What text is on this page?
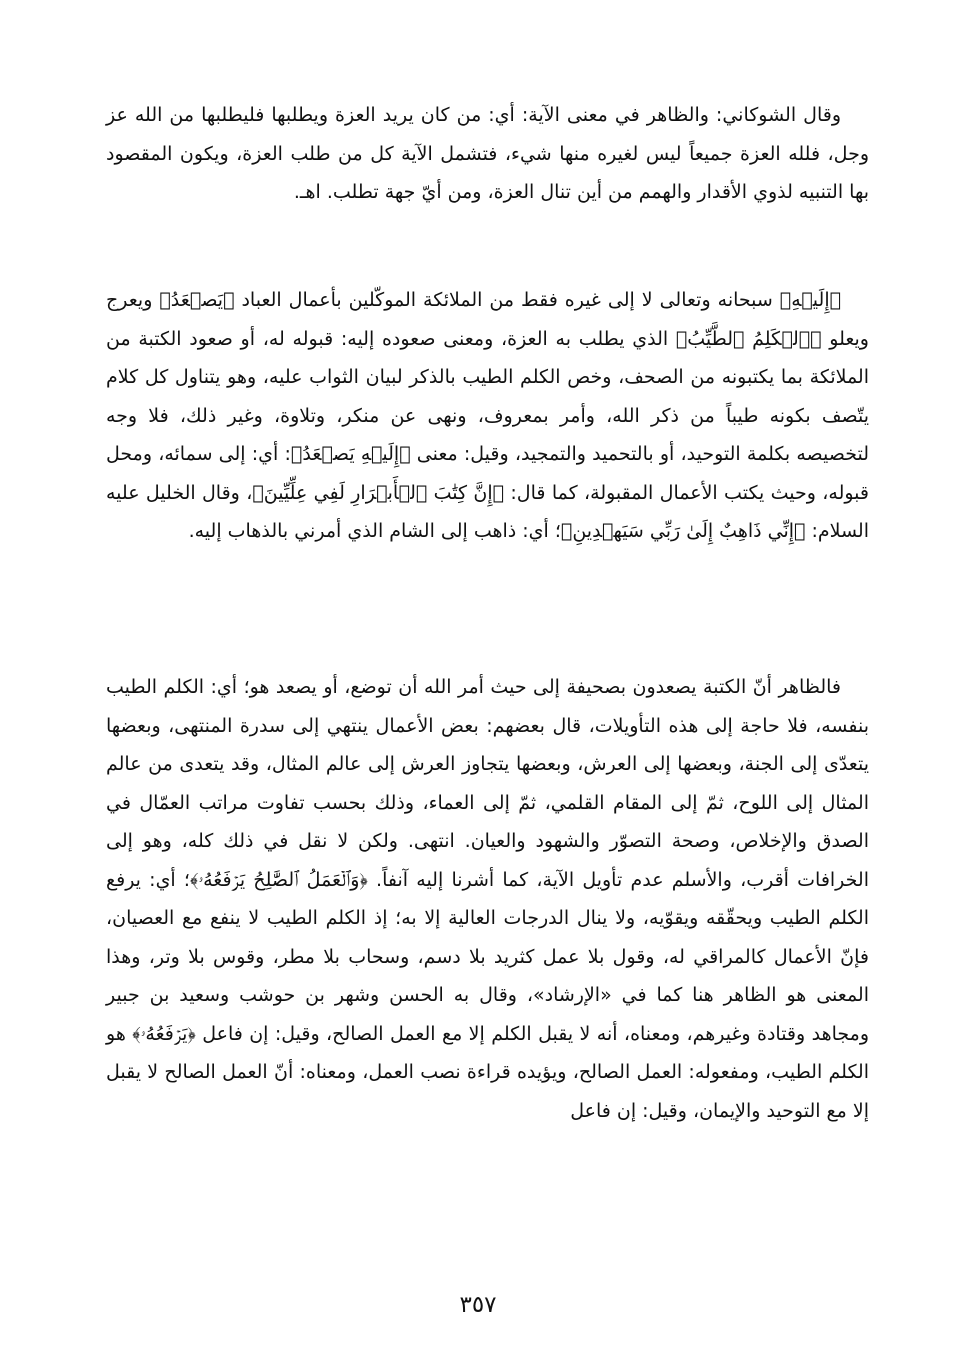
وقال الشوكاني: والظاهر في معنى الآية: أي: من كان يريد العزة ويطلبها فليطلبها من الله عز وجل، فلله العزة جميعاً ليس لغيره منها شيء، فتشمل الآية كل من طلب العزة، ويكون المقصود بها التنبيه لذوي الأقدار والهمم من أين تنال العزة، ومن أيّ جهة تطلب. اهـ.

﴿إِلَيۡهِ﴾ سبحانه وتعالى لا إلى غيره فقط من الملائكة الموكّلين بأعمال العباد ﴿يَصۡعَدُ﴾ ويعرج ويعلو ﴿ٱلۡكَلِمُ ٱلطَّيِّبُ﴾ الذي يطلب به العزة، ومعنى صعوده إليه: قبوله له، أو صعود الكتبة من الملائكة بما يكتبونه من الصحف، وخص الكلم الطيب بالذكر لبيان الثواب عليه، وهو يتناول كل كلام يتّصف بكونه طيباً من ذكر الله، وأمر بمعروف، ونهى عن منكر، وتلاوة، وغير ذلك، فلا وجه لتخصيصه بكلمة التوحيد، أو بالتحميد والتمجيد، وقيل: معنى ﴿إِلَيۡهِ يَصۡعَدُ﴾: أي: إلى سمائه، ومحل قبوله، وحيث يكتب الأعمال المقبولة، كما قال: ﴿إِنَّ كِتَٰبَ ٱلۡأَبۡرَارِ لَفِي عِلِّيِّينَ﴾، وقال الخليل عليه السلام: ﴿إِنِّي ذَاهِبٌ إِلَىٰ رَبِّي سَيَهۡدِينِ﴾؛ أي: ذاهب إلى الشام الذي أمرني بالذهاب إليه.

فالظاهر أنّ الكتبة يصعدون بصحيفة إلى حيث أمر الله أن توضع، أو يصعد هو؛ أي: الكلم الطيب بنفسه، فلا حاجة إلى هذه التأويلات، قال بعضهم: بعض الأعمال ينتهي إلى سدرة المنتهى، وبعضها يتعدّى إلى الجنة، وبعضها إلى العرش، وبعضها يتجاوز العرش إلى عالم المثال، وقد يتعدى من عالم المثال إلى اللوح، ثمّ إلى المقام القلمي، ثمّ إلى العماء، وذلك بحسب تفاوت مراتب العمّال في الصدق والإخلاص، وصحة التصوّر والشهود والعيان. انتهى. ولكن لا نقل في ذلك كله، وهو إلى الخرافات أقرب، والأسلم عدم تأويل الآية، كما أشرنا إليه آنفاً. ﴿وَٱلۡعَمَلُ ٱلصَّٰلِحُ يَرۡفَعُهُۥ﴾؛ أي: يرفع الكلم الطيب ويحقّقه ويقوّيه، ولا ينال الدرجات العالية إلا به؛ إذ الكلم الطيب لا ينفع مع العصيان، فإنّ الأعمال كالمراقي له، وقول بلا عمل كثريد بلا دسم، وسحاب بلا مطر، وقوس بلا وتر، وهذا المعنى هو الظاهر هنا كما في «الإرشاد»، وقال به الحسن وشهر بن حوشب وسعيد بن جبير ومجاهد وقتادة وغيرهم، ومعناه، أنه لا يقبل الكلم إلا مع العمل الصالح، وقيل: إن فاعل ﴿يَرۡفَعُهُۥ﴾ هو الكلم الطيب، ومفعوله: العمل الصالح، ويؤيده قراءة نصب العمل، ومعناه: أنّ العمل الصالح لا يقبل إلا مع التوحيد والإيمان، وقيل: إن فاعل

٣٥٧
